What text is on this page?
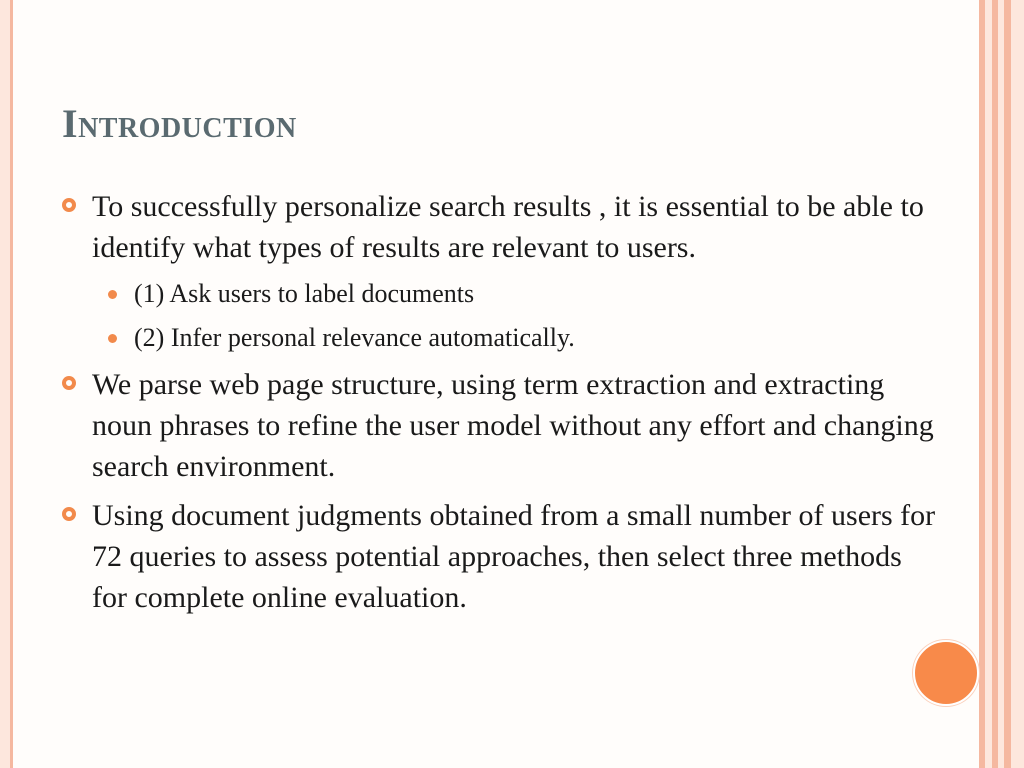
Introduction
To successfully personalize search results , it is essential to be able to identify what types of results are relevant to users.
(1) Ask users to label documents
(2) Infer personal relevance automatically.
We parse web page structure, using term extraction and extracting noun phrases to refine the user model without any effort and changing search environment.
Using document judgments obtained from a small number of users for 72 queries to assess potential approaches, then select three methods for complete online evaluation.
